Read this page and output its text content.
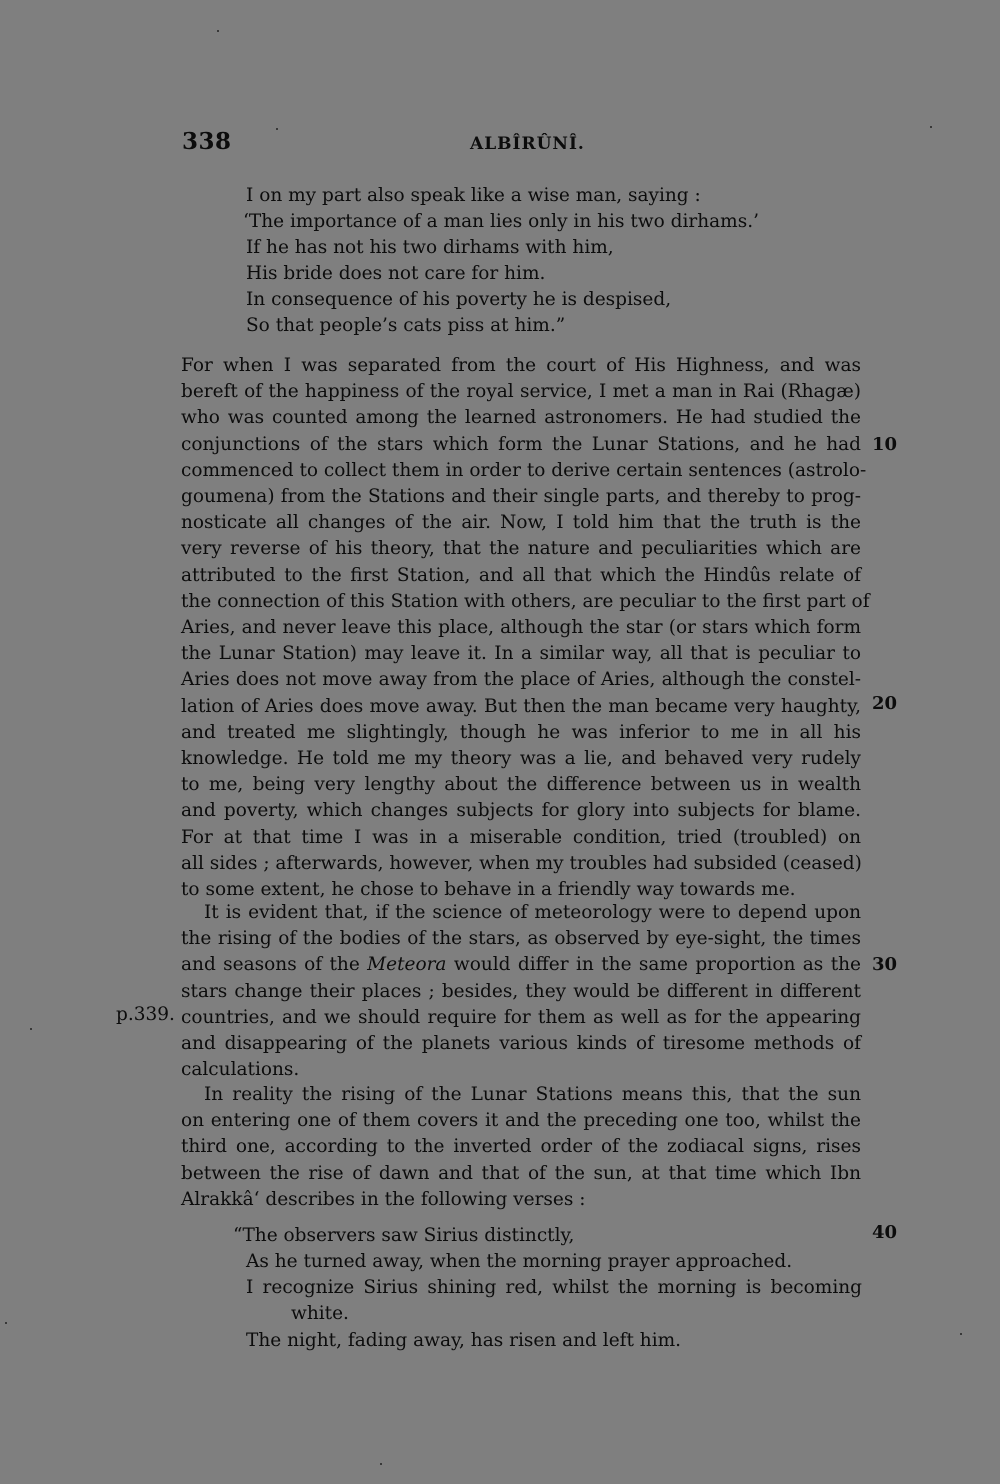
338	ALBÎRÛNÎ.
I on my part also speak like a wise man, saying :
‘The importance of a man lies only in his two dirhams.’
If he has not his two dirhams with him,
His bride does not care for him.
In consequence of his poverty he is despised,
So that people’s cats piss at him.”
For when I was separated from the court of His Highness, and was
bereft of the happiness of the royal service, I met a man in Rai (Rhagæ)
who was counted among the learned astronomers. He had studied the
conjunctions of the stars which form the Lunar Stations, and he had
commenced to collect them in order to derive certain sentences (astrolo-
goumena) from the Stations and their single parts, and thereby to prog-
nosticate all changes of the air. Now, I told him that the truth is the
very reverse of his theory, that the nature and peculiarities which are
attributed to the first Station, and all that which the Hindûs relate of
the connection of this Station with others, are peculiar to the first part of
Aries, and never leave this place, although the star (or stars which form
the Lunar Station) may leave it. In a similar way, all that is peculiar to
Aries does not move away from the place of Aries, although the constel-
lation of Aries does move away. But then the man became very haughty,
and treated me slightingly, though he was inferior to me in all his
knowledge. He told me my theory was a lie, and behaved very rudely
to me, being very lengthy about the difference between us in wealth
and poverty, which changes subjects for glory into subjects for blame.
For at that time I was in a miserable condition, tried (troubled) on
all sides ; afterwards, however, when my troubles had subsided (ceased)
to some extent, he chose to behave in a friendly way towards me.
It is evident that, if the science of meteorology were to depend upon
the rising of the bodies of the stars, as observed by eye-sight, the times
and seasons of the Meteora would differ in the same proportion as the
stars change their places ; besides, they would be different in different
countries, and we should require for them as well as for the appearing
and disappearing of the planets various kinds of tiresome methods of
calculations.
In reality the rising of the Lunar Stations means this, that the sun
on entering one of them covers it and the preceding one too, whilst the
third one, according to the inverted order of the zodiacal signs, rises
between the rise of dawn and that of the sun, at that time which Ibn
Alrakkâ‘ describes in the following verses :
“The observers saw Sirius distinctly,
As he turned away, when the morning prayer approached.
I recognize Sirius shining red, whilst the morning is becoming
white.
The night, fading away, has risen and left him.
10
20
30
40
p.339.
